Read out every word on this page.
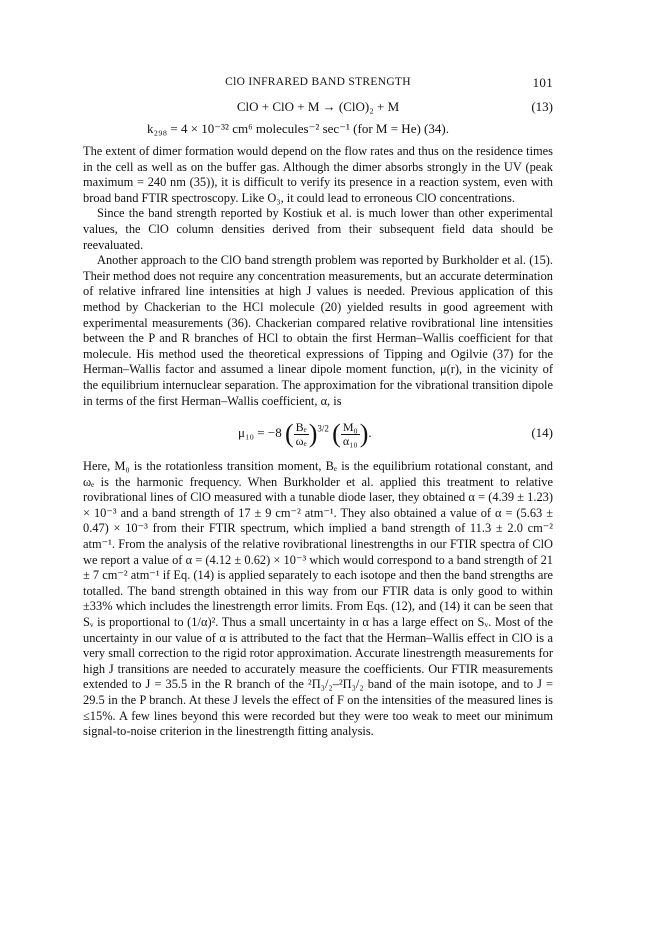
ClO INFRARED BAND STRENGTH	101
ClO + ClO + M → (ClO)₂ + M	(13)
k₂₉₈ = 4 × 10⁻³² cm⁶ molecules⁻² sec⁻¹ (for M = He) (34).

The extent of dimer formation would depend on the flow rates and thus on the residence times in the cell as well as on the buffer gas. Although the dimer absorbs strongly in the UV (peak maximum = 240 nm (35)), it is difficult to verify its presence in a reaction system, even with broad band FTIR spectroscopy. Like O₃, it could lead to erroneous ClO concentrations.

Since the band strength reported by Kostiuk et al. is much lower than other experimental values, the ClO column densities derived from their subsequent field data should be reevaluated.

Another approach to the ClO band strength problem was reported by Burkholder et al. (15). Their method does not require any concentration measurements, but an accurate determination of relative infrared line intensities at high J values is needed. Previous application of this method by Chackerian to the HCl molecule (20) yielded results in good agreement with experimental measurements (36). Chackerian compared relative rovibrational line intensities between the P and R branches of HCl to obtain the first Herman–Wallis coefficient for that molecule. His method used the theoretical expressions of Tipping and Ogilvie (37) for the Herman–Wallis factor and assumed a linear dipole moment function, μ(r), in the vicinity of the equilibrium internuclear separation. The approximation for the vibrational transition dipole in terms of the first Herman–Wallis coefficient, α, is

μ₁₀ = −8 ( $\frac{\text{Bₑ}}{\text{ωₑ}} )^{3/2}$ ( $\frac{\text{M₀}}{\text{α₁₀}}$ ).	(14)

Here, M₀ is the rotationless transition moment, Bₑ is the equilibrium rotational constant, and ωₑ is the harmonic frequency. When Burkholder et al. applied this treatment to relative rovibrational lines of ClO measured with a tunable diode laser, they obtained α = (4.39 ± 1.23) × 10⁻³ and a band strength of 17 ± 9 cm⁻² atm⁻¹. They also obtained a value of α = (5.63 ± 0.47) × 10⁻³ from their FTIR spectrum, which implied a band strength of 11.3 ± 2.0 cm⁻² atm⁻¹. From the analysis of the relative rovibrational linestrengths in our FTIR spectra of ClO we report a value of α = (4.12 ± 0.62) × 10⁻³ which would correspond to a band strength of 21 ± 7 cm⁻² atm⁻¹ if Eq. (14) is applied separately to each isotope and then the band strengths are totalled. The band strength obtained in this way from our FTIR data is only good to within ±33% which includes the linestrength error limits. From Eqs. (12), and (14) it can be seen that Sᵥ is proportional to (1/α)². Thus a small uncertainty in α has a large effect on Sᵥ. Most of the uncertainty in our value of α is attributed to the fact that the Herman–Wallis effect in ClO is a very small correction to the rigid rotor approximation. Accurate linestrength measurements for high J transitions are needed to accurately measure the coefficients. Our FTIR measurements extended to J = 35.5 in the R branch of the ²Π₃/₂–²Π₃/₂ band of the main isotope, and to J = 29.5 in the P branch. At these J levels the effect of F on the intensities of the measured lines is ≤15%. A few lines beyond this were recorded but they were too weak to meet our minimum signal-to-noise criterion in the linestrength fitting analysis.
